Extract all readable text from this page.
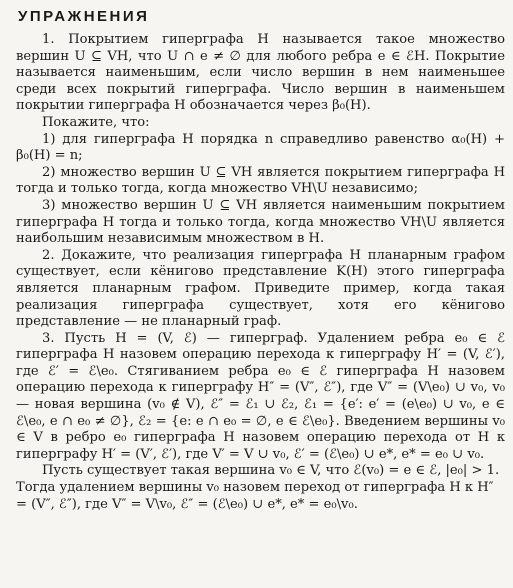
УПРАЖНЕНИЯ

1. Покрытием гиперграфа H называется такое множество вершин U ⊆ VH, что U ∩ e ≠ ∅ для любого ребра e ∈ ℰH. Покрытие называется наименьшим, если число вершин в нем наименьшее среди всех покрытий гиперграфа. Число вершин в наименьшем покрытии гиперграфа H обозначается через β₀(H).

Покажите, что:

1) для гиперграфа H порядка n справедливо равенство α₀(H) + β₀(H) = n;

2) множество вершин U ⊆ VH является покрытием гиперграфа H тогда и только тогда, когда множество VH\U независимо;

3) множество вершин U ⊆ VH является наименьшим покрытием гиперграфа H тогда и только тогда, когда множество VH\U является наибольшим независимым множеством в H.

2. Докажите, что реализация гиперграфа H планарным графом существует, если кёнигово представление K(H) этого гиперграфа является планарным графом. Приведите пример, когда такая реализация гиперграфа существует, хотя его кёнигово представление — не планарный граф.

3. Пусть H = (V, ℰ) — гиперграф. Удалением ребра e₀ ∈ ℰ гиперграфа H назовем операцию перехода к гиперграфу H′ = (V, ℰ′), где ℰ′ = ℰ\e₀. Стягиванием ребра e₀ ∈ ℰ гиперграфа H назовем операцию перехода к гиперграфу H″ = (V″, ℰ″), где V″ = (V\e₀) ∪ v₀, v₀ — новая вершина (v₀ ∉ V), ℰ″ = ℰ₁ ∪ ℰ₂, ℰ₁ = {e′: e′ = (e\e₀) ∪ v₀, e ∈ ℰ\e₀, e ∩ e₀ ≠ ∅}, ℰ₂ = {e: e ∩ e₀ = ∅, e ∈ ℰ\e₀}. Введением вершины v₀ ∈ V в ребро e₀ гиперграфа H назовем операцию перехода от H к гиперграфу H′ = (V′, ℰ′), где V′ = V ∪ v₀, ℰ′ = (ℰ\e₀) ∪ e*, e* = e₀ ∪ v₀.

Пусть существует такая вершина v₀ ∈ V, что ℰ(v₀) = e ∈ ℰ, |e₀| > 1. Тогда удалением вершины v₀ назовем переход от гиперграфа H к H″ = (V″, ℰ″), где V″ = V\v₀, ℰ″ = (ℰ\e₀) ∪ e*, e* = e₀\v₀.
